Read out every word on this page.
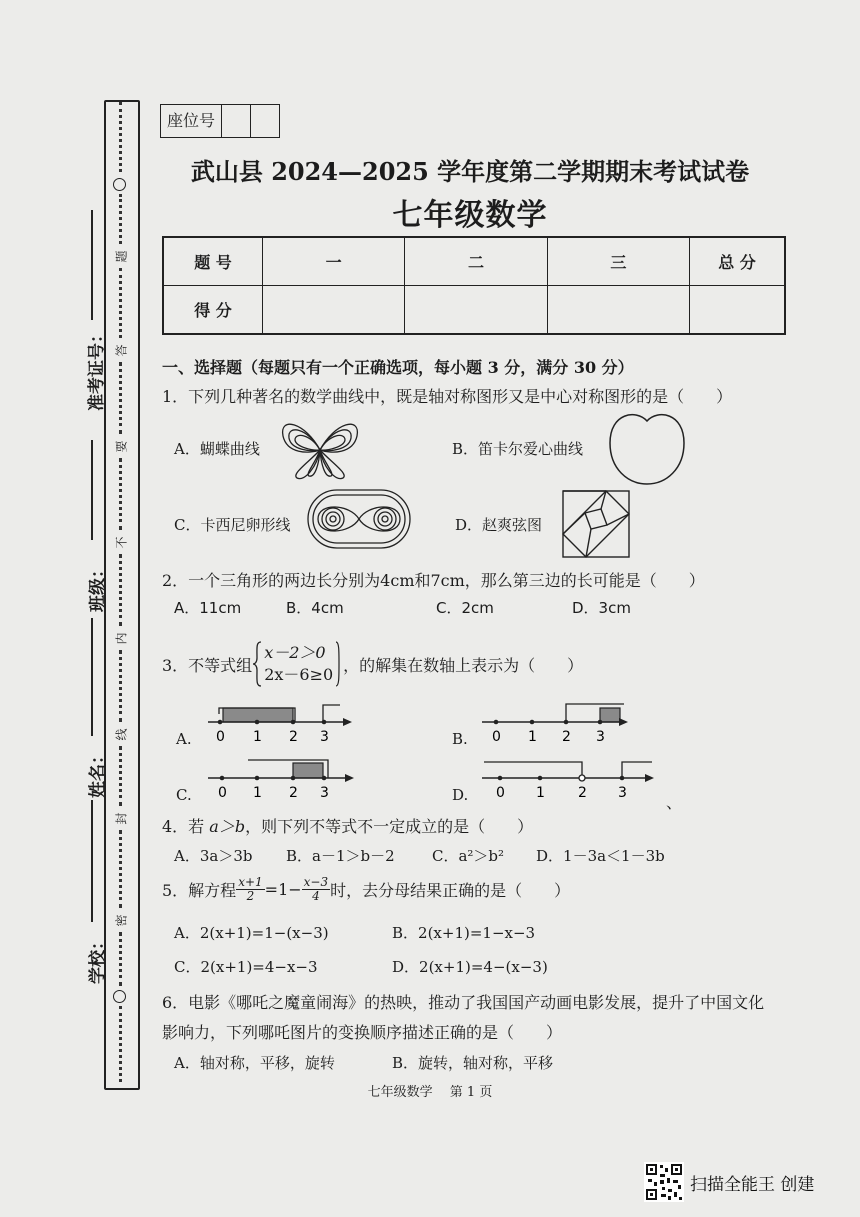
题
答
要
不
内
线
封
密
准考证号：
班级：
姓名：
学校：
座位号
武山县 2024—2025 学年度第二学期期末考试试卷
七年级数学
题 号	一	二	三	总 分
得 分				
一、选择题（每题只有一个正确选项，每小题 3 分，满分 30 分）
1．下列几种著名的数学曲线中，既是轴对称图形又是中心对称图形的是（　　）
A．蝴蝶曲线	B．笛卡尔爱心曲线
C．卡西尼卵形线	D．赵爽弦图
2．一个三角形的两边长分别为4cm和7cm，那么第三边的长可能是（　　）
A．11cm	B．4cm	C．2cm	D．3cm
3．不等式组
x－2＞0
2x－6≥0 ，的解集在数轴上表示为（　　）
A. 0 1 2 3	B. 0 1 2 3
C. 0 1 2 3	D. 0 1 2 3 、
4．若 a＞b，则下列不等式不一定成立的是（　　）
A．3a＞3b B．a－1＞b－2 C．a²＞b² D．1－3a＜1－3b
5．解方程 $\frac{x+1}{2} =1- \frac{x-3}{4}$ 时，去分母结果正确的是（　　）
A．2(x+1)=1−(x−3)	B．2(x+1)=1−x−3
C．2(x+1)=4−x−3	D．2(x+1)=4−(x−3)
6．电影《哪吒之魔童闹海》的热映，推动了我国国产动画电影发展，提升了中国文化
影响力，下列哪吒图片的变换顺序描述正确的是（　　）
A．轴对称，平移，旋转	B．旋转，轴对称，平移
七年级数学　 第 1 页
扫描全能王 创建
